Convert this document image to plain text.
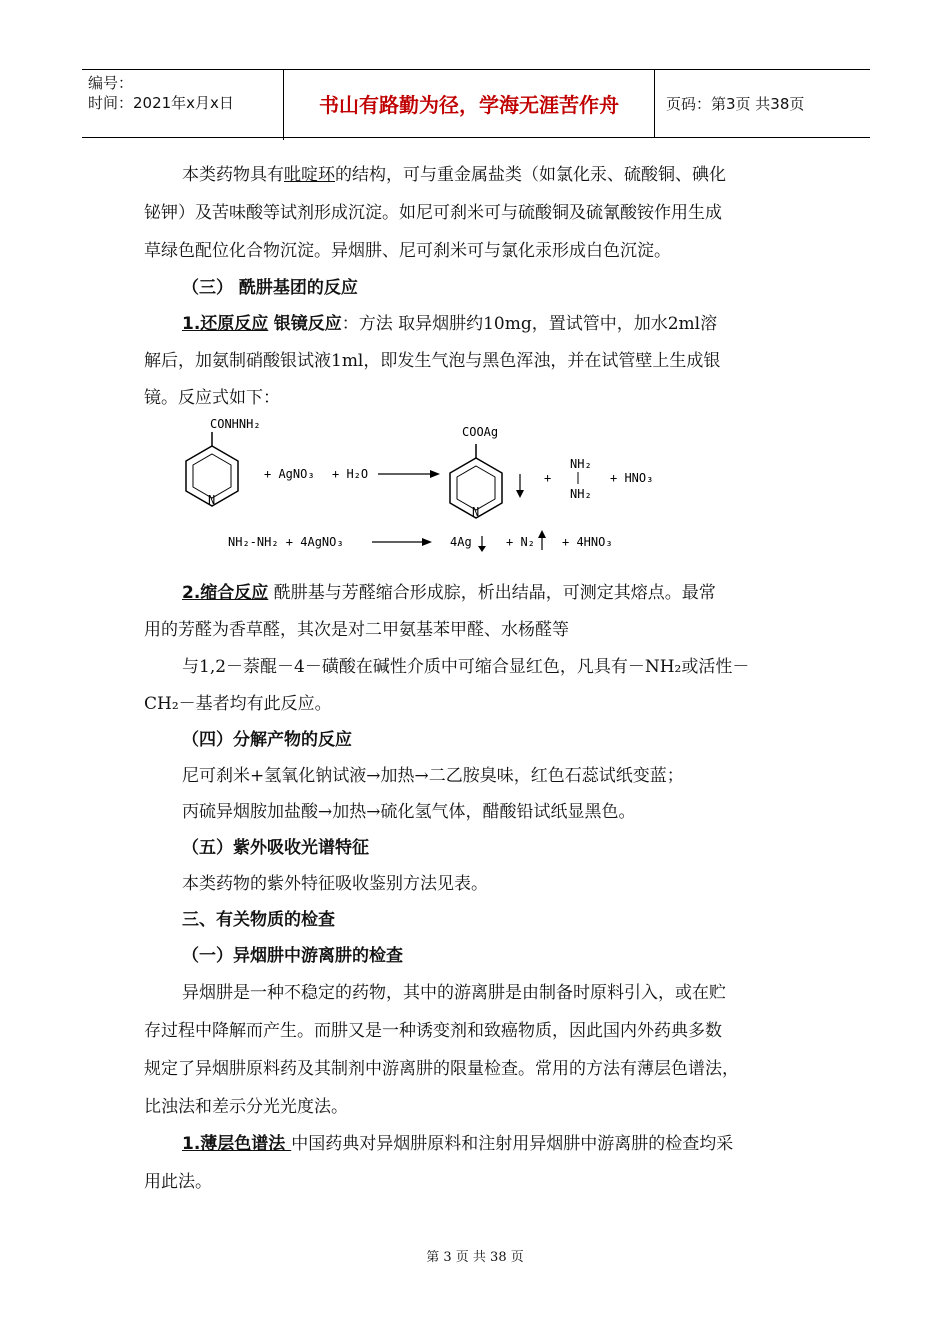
编号：
时间：2021年x月x日	书山有路勤为径，学海无涯苦作舟	页码：第3页 共38页
本类药物具有吡啶环的结构，可与重金属盐类（如氯化汞、硫酸铜、碘化
铋钾）及苦味酸等试剂形成沉淀。如尼可刹米可与硫酸铜及硫氰酸铵作用生成
草绿色配位化合物沉淀。异烟肼、尼可刹米可与氯化汞形成白色沉淀。
（三） 酰肼基团的反应
1.还原反应 银镜反应：方法 取异烟肼约10mg，置试管中，加水2ml溶
解后，加氨制硝酸银试液1ml，即发生气泡与黑色浑浊，并在试管壁上生成银
镜。反应式如下：
CONHNH₂
N
+ AgNO₃ + H₂O
COOAg
N
+
NH₂
NH₂
+ HNO₃
NH₂-NH₂ + 4AgNO₃	4Ag	+ N₂ + 4HNO₃
2.缩合反应 酰肼基与芳醛缩合形成腙，析出结晶，可测定其熔点。最常
用的芳醛为香草醛，其次是对二甲氨基苯甲醛、水杨醛等
与1,2－萘醌－4－磺酸在碱性介质中可缩合显红色，凡具有－NH₂或活性－
CH₂－基者均有此反应。
（四）分解产物的反应
尼可刹米+氢氧化钠试液→加热→二乙胺臭味，红色石蕊试纸变蓝；
丙硫异烟胺加盐酸→加热→硫化氢气体，醋酸铅试纸显黑色。
（五）紫外吸收光谱特征
本类药物的紫外特征吸收鉴别方法见表。
三、有关物质的检查
（一）异烟肼中游离肼的检查
异烟肼是一种不稳定的药物，其中的游离肼是由制备时原料引入，或在贮
存过程中降解而产生。而肼又是一种诱变剂和致癌物质，因此国内外药典多数
规定了异烟肼原料药及其制剂中游离肼的限量检查。常用的方法有薄层色谱法，
比浊法和差示分光光度法。
1.薄层色谱法 中国药典对异烟肼原料和注射用异烟肼中游离肼的检查均采
用此法。
第 3 页 共 38 页
